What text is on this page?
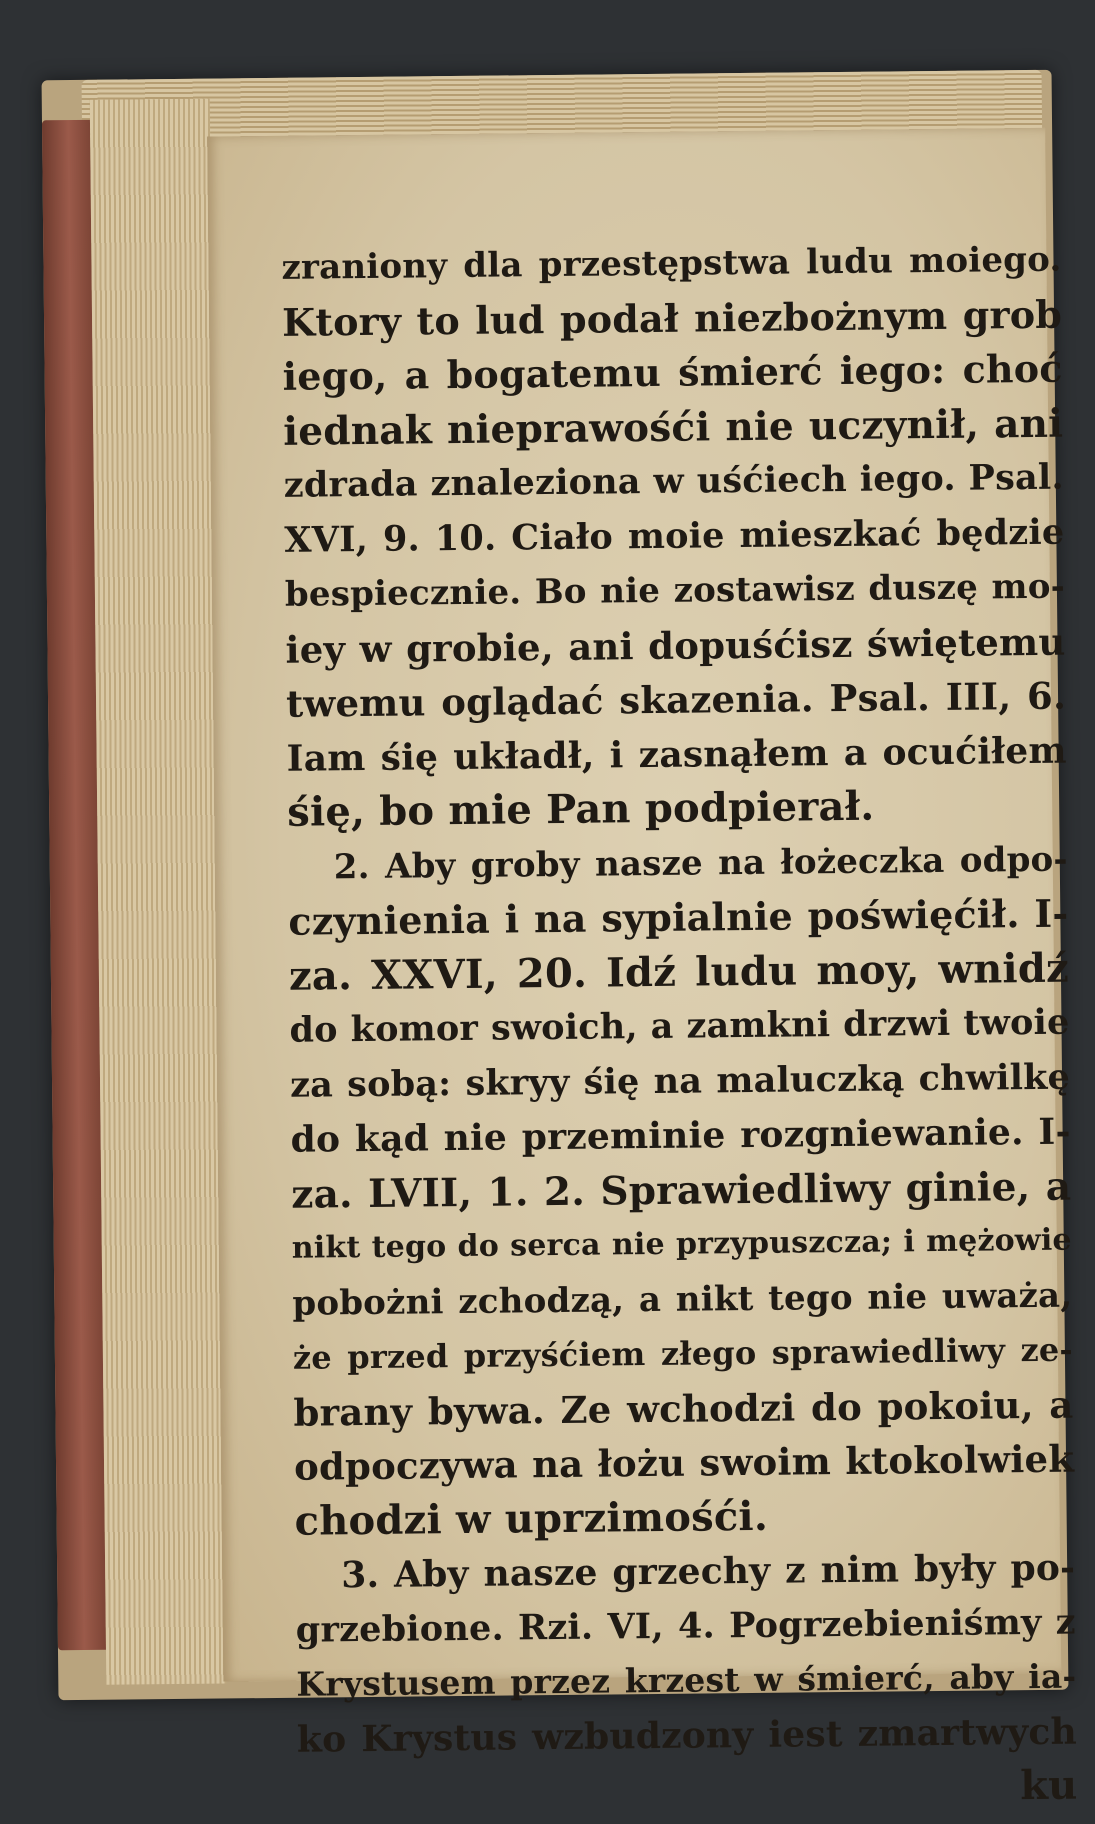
zraniony dla przestępstwa ludu moiego.
Ktory to lud podał niezbożnym grob
iego, a bogatemu śmierć iego: choć
iednak nieprawośći nie uczynił, ani
zdrada znaleziona w uśćiech iego. Psal.
XVI, 9. 10. Ciało moie mieszkać będzie
bespiecznie. Bo nie zostawisz duszę mo-
iey w grobie, ani dopuśćisz świętemu
twemu oglądać skazenia. Psal. III, 6.
Iam śię układł, i zasnąłem a ocućiłem
śię, bo mie Pan podpierał.
2. Aby groby nasze na łożeczka odpo-
czynienia i na sypialnie poświęćił. I-
za. XXVI, 20. Idź ludu moy, wnidź
do komor swoich, a zamkni drzwi twoie
za sobą: skryy śię na maluczką chwilkę
do kąd nie przeminie rozgniewanie. I-
za. LVII, 1. 2. Sprawiedliwy ginie, a
nikt tego do serca nie przypuszcza; i mężowie
pobożni zchodzą, a nikt tego nie uważa,
że przed przyśćiem złego sprawiedliwy ze-
brany bywa. Ze wchodzi do pokoiu, a
odpoczywa na łożu swoim ktokolwiek
chodzi w uprzimośći.
3. Aby nasze grzechy z nim były po-
grzebione. Rzi. VI, 4. Pogrzebieniśmy z
Krystusem przez krzest w śmierć, aby ia-
ko Krystus wzbudzony iest zmartwych
ku
